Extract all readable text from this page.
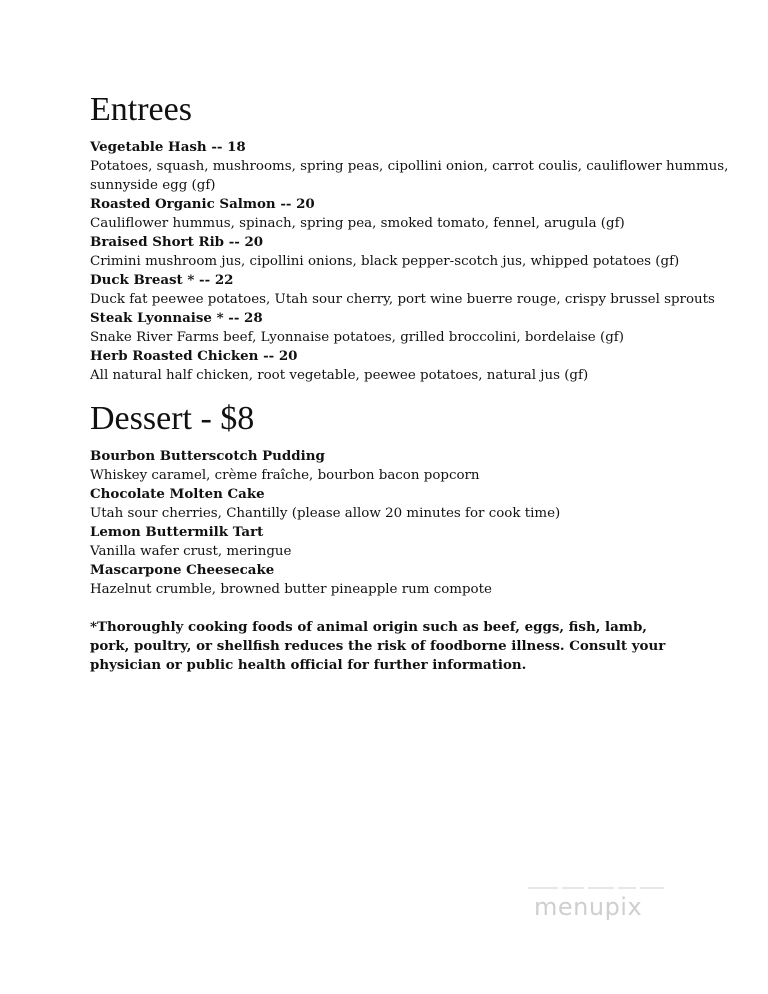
Entrees
Vegetable Hash -- 18
Potatoes, squash, mushrooms, spring peas, cipollini onion, carrot coulis, cauliflower hummus, sunnyside egg (gf)
Roasted Organic Salmon -- 20
Cauliflower hummus, spinach, spring pea, smoked tomato, fennel, arugula (gf)
Braised Short Rib -- 20
Crimini mushroom jus, cipollini onions, black pepper-scotch jus, whipped potatoes (gf)
Duck Breast * -- 22
Duck fat peewee potatoes, Utah sour cherry, port wine buerre rouge, crispy brussel sprouts
Steak Lyonnaise * -- 28
Snake River Farms beef, Lyonnaise potatoes, grilled broccolini, bordelaise (gf)
Herb Roasted Chicken -- 20
All natural half chicken, root vegetable, peewee potatoes, natural jus (gf)
Dessert - $8
Bourbon Butterscotch Pudding
Whiskey caramel, crème fraîche, bourbon bacon popcorn
Chocolate Molten Cake
Utah sour cherries, Chantilly (please allow 20 minutes for cook time)
Lemon Buttermilk Tart
Vanilla wafer crust, meringue
Mascarpone Cheesecake
Hazelnut crumble, browned butter pineapple rum compote

*Thoroughly cooking foods of animal origin such as beef, eggs, fish, lamb, pork, poultry, or shellfish reduces the risk of foodborne illness. Consult your physician or public health official for further information.

menupix
